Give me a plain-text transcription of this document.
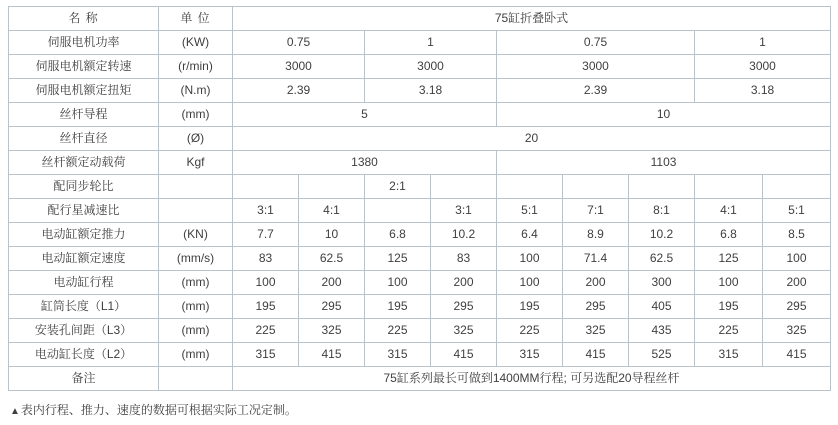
名 称	单 位	75缸折叠卧式								
伺服电机功率	(KW)	0.75		1		0.75			1	
伺服电机额定转速	(r/min)	3000		3000		3000			3000	
伺服电机额定扭矩	(N.m)	2.39		3.18		2.39			3.18	
丝杆导程	(mm)	5				10				
丝杆直径	(Ø)	20								
丝杆额定动载荷	Kgf	1380				1103				
配同步轮比				2:1						
配行星减速比		3:1	4:1		3:1	5:1	7:1	8:1	4:1	5:1
电动缸额定推力	(KN)	7.7	10	6.8	10.2	6.4	8.9	10.2	6.8	8.5
电动缸额定速度	(mm/s)	83	62.5	125	83	100	71.4	62.5	125	100
电动缸行程	(mm)	100	200	100	200	100	200	300	100	200
缸筒长度（L1）	(mm)	195	295	195	295	195	295	405	195	295
安装孔间距（L3）	(mm)	225	325	225	325	225	325	435	225	325
电动缸长度（L2）	(mm)	315	415	315	415	315	415	525	315	415
备注		75缸系列最长可做到1400MM行程; 可另选配20导程丝杆								
▲表内行程、推力、速度的数据可根据实际工况定制。
